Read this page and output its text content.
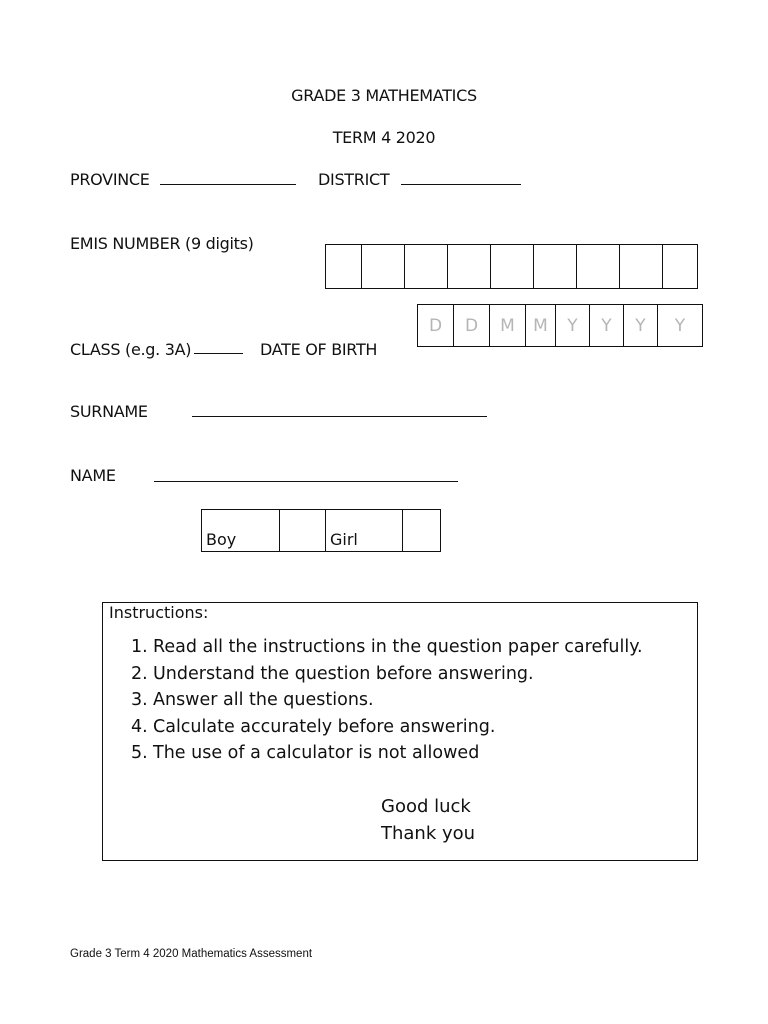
GRADE 3 MATHEMATICS
TERM 4 2020
PROVINCE	DISTRICT
EMIS NUMBER (9 digits)
D	D	M	M	Y	Y	Y	Y
CLASS (e.g. 3A)	DATE OF BIRTH
SURNAME
NAME
Boy	Girl
Instructions:
1. Read all the instructions in the question paper carefully.
2. Understand the question before answering.
3. Answer all the questions.
4. Calculate accurately before answering.
5. The use of a calculator is not allowed
Good luck
Thank you
Grade 3 Term 4 2020 Mathematics Assessment
